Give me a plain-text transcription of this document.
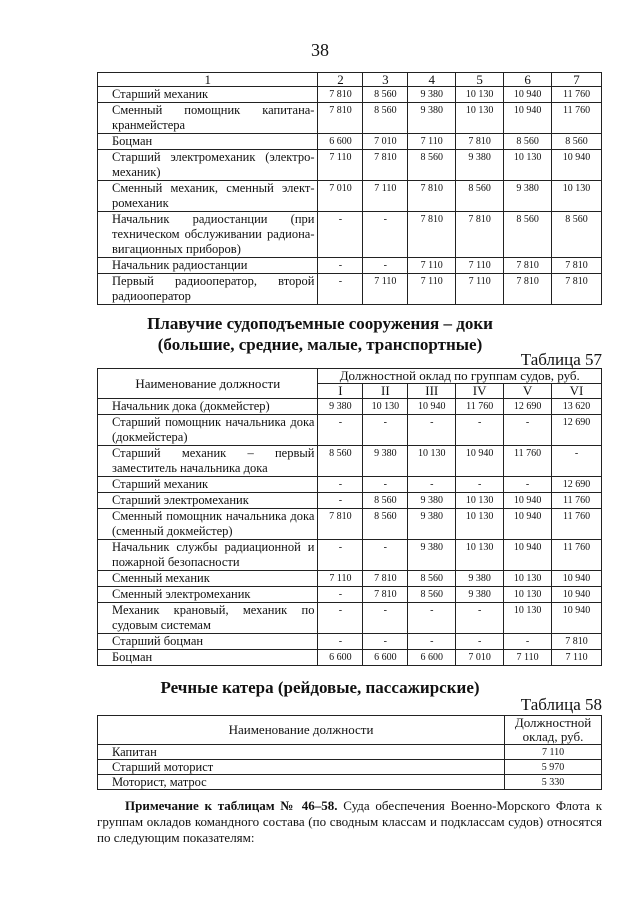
38
1	2	3	4	5	6	7
Старший механик	7 810	8 560	9 380	10 130	10 940	11 760
Сменный помощник капитана-кранмейстера	7 810	8 560	9 380	10 130	10 940	11 760
Боцман	6 600	7 010	7 110	7 810	8 560	8 560
Старший электромеханик (электро-механик)	7 110	7 810	8 560	9 380	10 130	10 940
Сменный механик, сменный элект-ромеханик	7 010	7 110	7 810	8 560	9 380	10 130
Начальник радиостанции (при техническом обслуживании радиона-вигационных приборов)	-	-	7 810	7 810	8 560	8 560
Начальник радиостанции	-	-	7 110	7 110	7 810	7 810
Первый радиооператор, второй радиооператор	-	7 110	7 110	7 110	7 810	7 810
Плавучие судоподъемные сооружения – доки
(большие, средние, малые, транспортные)
Таблица 57
Наименование должности	Должностной оклад по группам судов, руб.					
	I	II	III	IV	V	VI
Начальник дока (докмейстер)	9 380	10 130	10 940	11 760	12 690	13 620
Старший помощник начальника дока (докмейстера)	-	-	-	-	-	12 690
Старший механик – первый заместитель начальника дока	8 560	9 380	10 130	10 940	11 760	-
Старший механик	-	-	-	-	-	12 690
Старший электромеханик	-	8 560	9 380	10 130	10 940	11 760
Сменный помощник начальника дока (сменный докмейстер)	7 810	8 560	9 380	10 130	10 940	11 760
Начальник службы радиационной и пожарной безопасности	-	-	9 380	10 130	10 940	11 760
Сменный механик	7 110	7 810	8 560	9 380	10 130	10 940
Сменный электромеханик	-	7 810	8 560	9 380	10 130	10 940
Механик крановый, механик по судовым системам	-	-	-	-	10 130	10 940
Старший боцман	-	-	-	-	-	7 810
Боцман	6 600	6 600	6 600	7 010	7 110	7 110
Речные катера (рейдовые, пассажирские)
Таблица 58
Наименование должности	Должностной
оклад, руб.

Капитан	7 110
Старший моторист	5 970
Моторист, матрос	5 330
Примечание к таблицам № 46–58. Суда обеспечения Военно-Морского Флота к группам окладов командного состава (по сводным классам и подклассам судов) относятся по следующим показателям:
